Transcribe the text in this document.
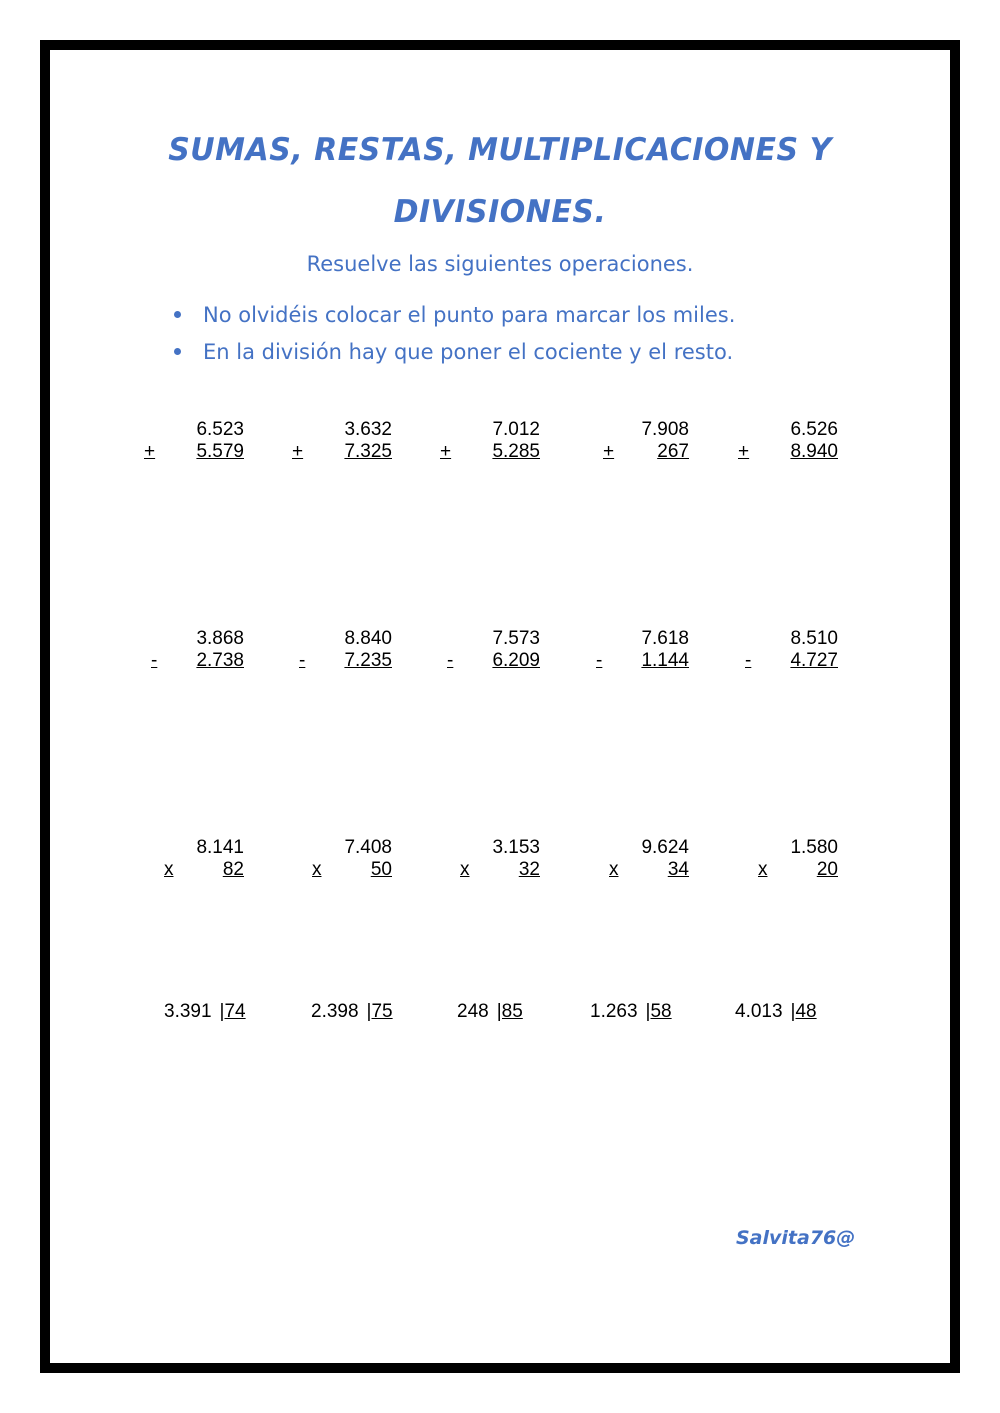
SUMAS, RESTAS, MULTIPLICACIONES Y
DIVISIONES.
Resuelve las siguientes operaciones.
No olvidéis colocar el punto para marcar los miles.
En la división hay que poner el cociente y el resto.
6.523
+ 5.579
3.632
+ 7.325
7.012
+ 5.285
7.908
+ 267
6.526
+ 8.940
3.868
- 2.738
8.840
- 7.235
7.573
- 6.209
7.618
- 1.144
8.510
- 4.727
8.141
x	82
7.408
x	50
3.153
x	32
9.624
x	34
1.580
x	20
3.391 |74	2.398 |75	248 |85	1.263 |58	4.013 |48
Salvita76@
